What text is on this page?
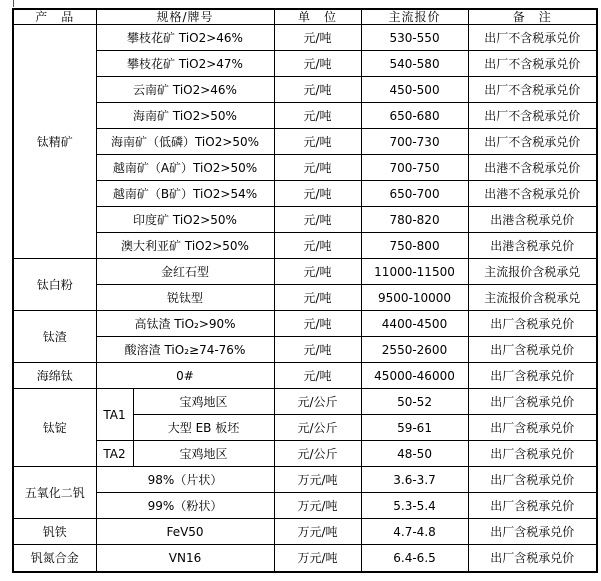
产　品	规格/牌号		单　位	主流报价	备　注
钛精矿	攀枝花矿 TiO2>46%		元/吨	530-550	出厂不含税承兑价
	攀枝花矿 TiO2>47%		元/吨	540-580	出厂不含税承兑价
	云南矿 TiO2>46%		元/吨	450-500	出厂不含税承兑价
	海南矿 TiO2>50%		元/吨	650-680	出厂不含税承兑价
	海南矿（低磷）TiO2>50%		元/吨	700-730	出厂不含税承兑价
	越南矿（A矿）TiO2>50%		元/吨	700-750	出港不含税承兑价
	越南矿（B矿）TiO2>54%		元/吨	650-700	出港不含税承兑价
	印度矿 TiO2>50%		元/吨	780-820	出港含税承兑价
	澳大利亚矿 TiO2>50%		元/吨	750-800	出港含税承兑价
钛白粉	金红石型		元/吨	11000-11500	主流报价含税承兑
	锐钛型		元/吨	9500-10000	主流报价含税承兑
钛渣	高钛渣 TiO₂>90%		元/吨	4400-4500	出厂含税承兑价
	酸溶渣 TiO₂≥74-76%		元/吨	2550-2600	出厂含税承兑价
海绵钛	0#		元/吨	45000-46000	出厂含税承兑价
钛锭	TA1	宝鸡地区	元/公斤	50-52	出厂含税承兑价
		大型 EB 板坯	元/公斤	59-61	出厂含税承兑价
	TA2	宝鸡地区	元/公斤	48-50	出厂含税承兑价
五氧化二钒	98%（片状）		万元/吨	3.6-3.7	出厂含税承兑价
	99%（粉状）		万元/吨	5.3-5.4	出厂含税承兑价
钒铁	FeV50		万元/吨	4.7-4.8	出厂含税承兑价
钒氮合金	VN16		万元/吨	6.4-6.5	出厂含税承兑价
